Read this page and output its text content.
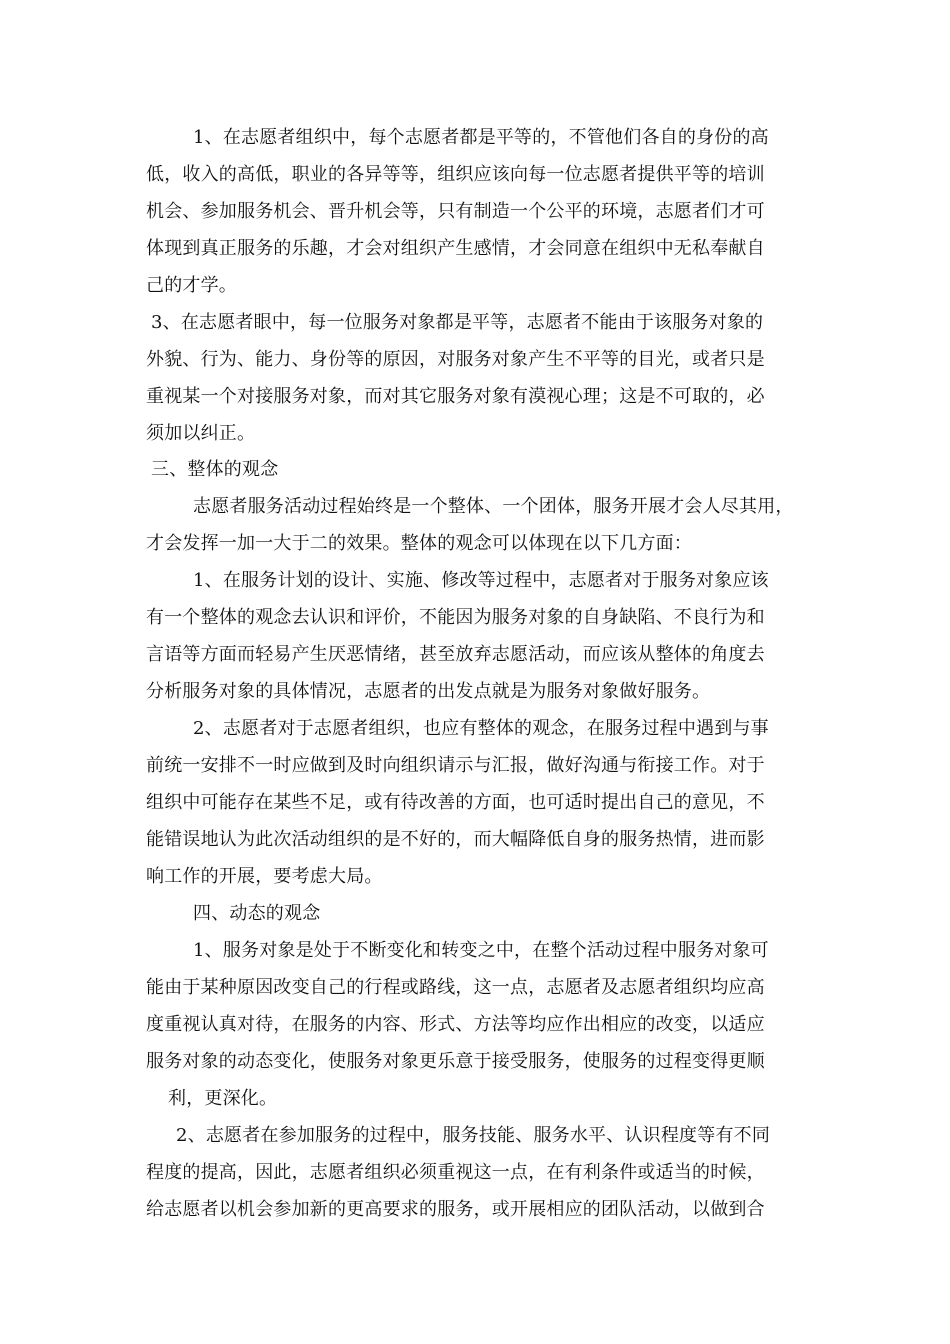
1、在志愿者组织中，每个志愿者都是平等的，不管他们各自的身份的高
低，收入的高低，职业的各异等等，组织应该向每一位志愿者提供平等的培训
机会、参加服务机会、晋升机会等，只有制造一个公平的环境，志愿者们才可
体现到真正服务的乐趣，才会对组织产生感情，才会同意在组织中无私奉献自
己的才学。
3、在志愿者眼中，每一位服务对象都是平等，志愿者不能由于该服务对象的
外貌、行为、能力、身份等的原因，对服务对象产生不平等的目光，或者只是
重视某一个对接服务对象，而对其它服务对象有漠视心理；这是不可取的，必
须加以纠正。
三、整体的观念
志愿者服务活动过程始终是一个整体、一个团体，服务开展才会人尽其用，
才会发挥一加一大于二的效果。整体的观念可以体现在以下几方面：
1、在服务计划的设计、实施、修改等过程中，志愿者对于服务对象应该
有一个整体的观念去认识和评价，不能因为服务对象的自身缺陷、不良行为和
言语等方面而轻易产生厌恶情绪，甚至放弃志愿活动，而应该从整体的角度去
分析服务对象的具体情况，志愿者的出发点就是为服务对象做好服务。
2、志愿者对于志愿者组织，也应有整体的观念，在服务过程中遇到与事
前统一安排不一时应做到及时向组织请示与汇报，做好沟通与衔接工作。对于
组织中可能存在某些不足，或有待改善的方面，也可适时提出自己的意见，不
能错误地认为此次活动组织的是不好的，而大幅降低自身的服务热情，进而影
响工作的开展，要考虑大局。
四、动态的观念
1、服务对象是处于不断变化和转变之中，在整个活动过程中服务对象可
能由于某种原因改变自己的行程或路线，这一点，志愿者及志愿者组织均应高
度重视认真对待，在服务的内容、形式、方法等均应作出相应的改变，以适应
服务对象的动态变化，使服务对象更乐意于接受服务，使服务的过程变得更顺
利，更深化。
2、志愿者在参加服务的过程中，服务技能、服务水平、认识程度等有不同
程度的提高，因此，志愿者组织必须重视这一点，在有利条件或适当的时候，
给志愿者以机会参加新的更高要求的服务，或开展相应的团队活动，以做到合
